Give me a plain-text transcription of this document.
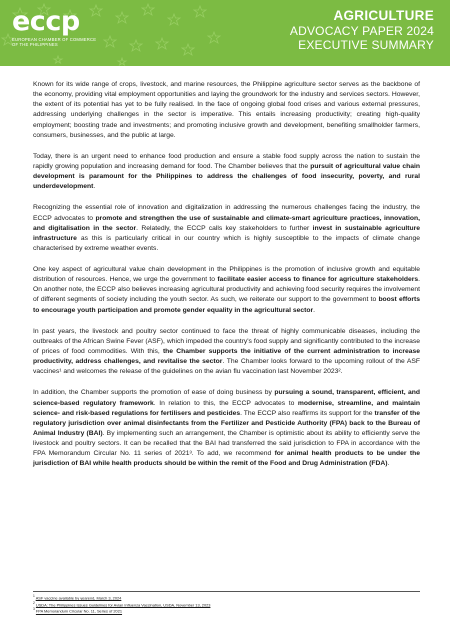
eccp
EUROPEAN CHAMBER OF COMMERCE OF THE PHILIPPINES
AGRICULTURE
ADVOCACY PAPER 2024
EXECUTIVE SUMMARY

Known for its wide range of crops, livestock, and marine resources, the Philippine agriculture sector serves as the backbone of the economy, providing vital employment opportunities and laying the groundwork for the industry and services sectors. However, the extent of its potential has yet to be fully realised. In the face of ongoing global food crises and various external pressures, addressing underlying challenges in the sector is imperative. This entails increasing productivity; creating high-quality employment; boosting trade and investments; and promoting inclusive growth and development, benefiting smallholder farmers, consumers, businesses, and the public at large.

Today, there is an urgent need to enhance food production and ensure a stable food supply across the nation to sustain the rapidly growing population and increasing demand for food. The Chamber believes that the pursuit of agricultural value chain development is paramount for the Philippines to address the challenges of food insecurity, poverty, and rural underdevelopment.

Recognizing the essential role of innovation and digitalization in addressing the numerous challenges facing the industry, the ECCP advocates to promote and strengthen the use of sustainable and climate-smart agriculture practices, innovation, and digitalisation in the sector. Relatedly, the ECCP calls key stakeholders to further invest in sustainable agriculture infrastructure as this is particularly critical in our country which is highly susceptible to the impacts of climate change characterised by extreme weather events.

One key aspect of agricultural value chain development in the Philippines is the promotion of inclusive growth and equitable distribution of resources. Hence, we urge the government to facilitate easier access to finance for agriculture stakeholders. On another note, the ECCP also believes increasing agricultural productivity and achieving food security requires the involvement of different segments of society including the youth sector. As such, we reiterate our support to the government to boost efforts to encourage youth participation and promote gender equality in the agricultural sector.

In past years, the livestock and poultry sector continued to face the threat of highly communicable diseases, including the outbreaks of the African Swine Fever (ASF), which impeded the country's food supply and significantly contributed to the increase of prices of food commodities. With this, the Chamber supports the initiative of the current administration to increase productivity, address challenges, and revitalise the sector. The Chamber looks forward to the upcoming rollout of the ASF vaccines¹ and welcomes the release of the guidelines on the avian flu vaccination last November 2023².

In addition, the Chamber supports the promotion of ease of doing business by pursuing a sound, transparent, efficient, and science-based regulatory framework. In relation to this, the ECCP advocates to modernise, streamline, and maintain science- and risk-based regulations for fertilisers and pesticides. The ECCP also reaffirms its support for the transfer of the regulatory jurisdiction over animal disinfectants from the Fertilizer and Pesticide Authority (FPA) back to the Bureau of Animal Industry (BAI). By implementing such an arrangement, the Chamber is optimistic about its ability to efficiently serve the livestock and poultry sectors. It can be recalled that the BAI had transferred the said jurisdiction to FPA in accordance with the FPA Memorandum Circular No. 11 series of 2021³. To add, we recommend for animal health products to be under the jurisdiction of BAI while health products should be within the remit of the Food and Drug Administration (FDA).

$^1$ ASF vaccine available by yearend, March 3, 2024
$^2$ USDA: The Philippines Issues Guidelines for Avian Influenza Vaccination, USDA, November 13, 2023
$^3$ FPA Memorandum Circular No. 11, Series of 2021
